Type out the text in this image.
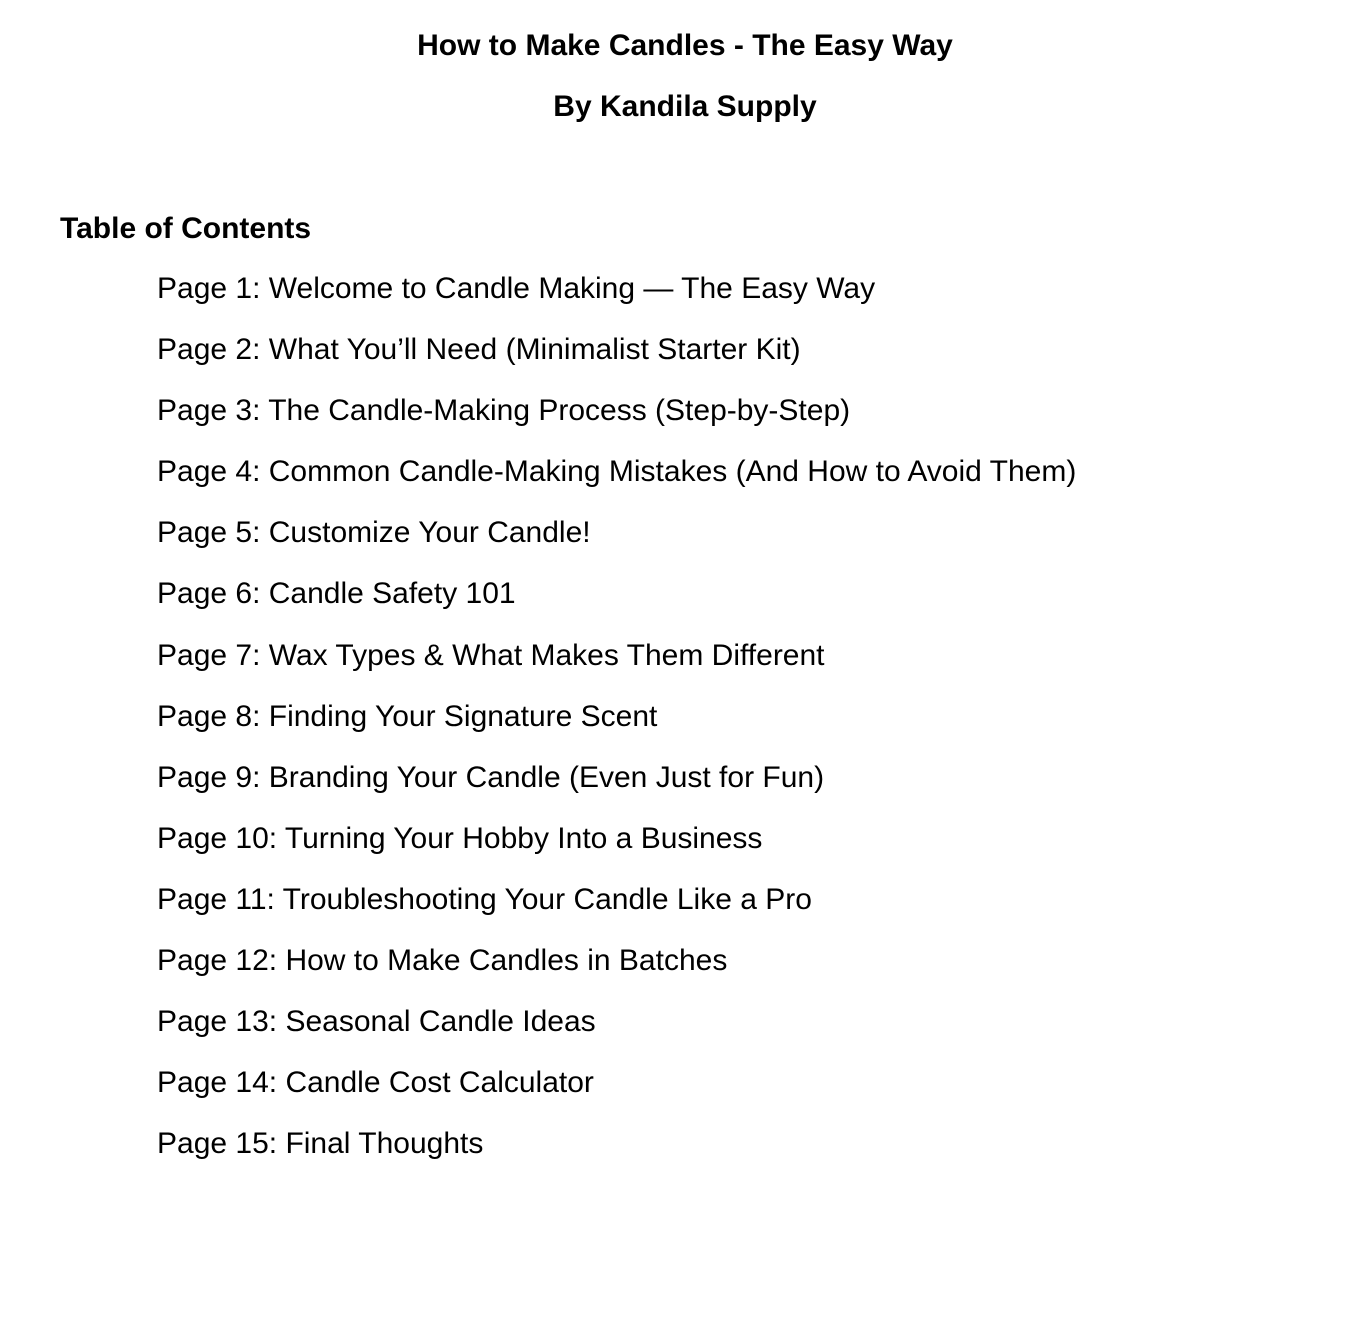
How to Make Candles - The Easy Way
By Kandila Supply
Table of Contents
Page 1: Welcome to Candle Making — The Easy Way
Page 2: What You’ll Need (Minimalist Starter Kit)
Page 3: The Candle-Making Process (Step-by-Step)
Page 4: Common Candle-Making Mistakes (And How to Avoid Them)
Page 5: Customize Your Candle!
Page 6: Candle Safety 101
Page 7: Wax Types & What Makes Them Different
Page 8: Finding Your Signature Scent
Page 9: Branding Your Candle (Even Just for Fun)
Page 10: Turning Your Hobby Into a Business
Page 11: Troubleshooting Your Candle Like a Pro
Page 12: How to Make Candles in Batches
Page 13: Seasonal Candle Ideas
Page 14: Candle Cost Calculator
Page 15: Final Thoughts
